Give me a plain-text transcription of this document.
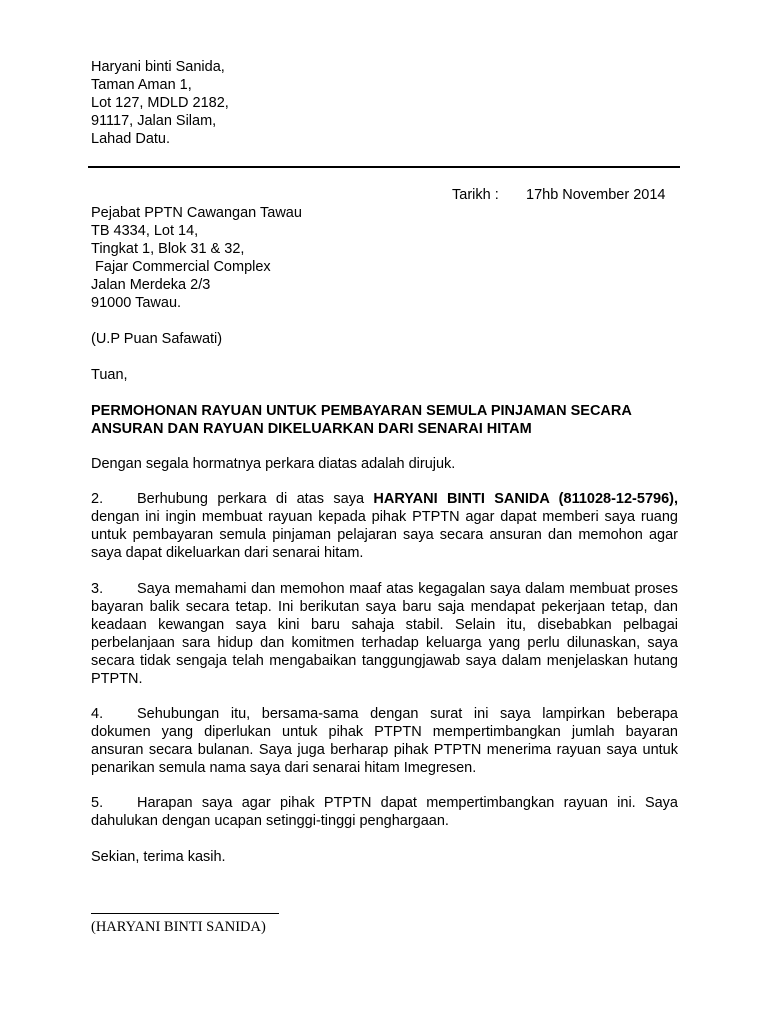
Haryani binti Sanida,
Taman Aman 1,
Lot 127, MDLD 2182,
91117, Jalan Silam,
Lahad Datu.
Tarikh : 17hb November 2014
Pejabat PPTN Cawangan Tawau
TB 4334, Lot 14,
Tingkat 1, Blok 31 & 32,
Fajar Commercial Complex
Jalan Merdeka 2/3
91000 Tawau.
(U.P Puan Safawati)
Tuan,
PERMOHONAN RAYUAN UNTUK PEMBAYARAN SEMULA PINJAMAN SECARA
ANSURAN DAN RAYUAN DIKELUARKAN DARI SENARAI HITAM
Dengan segala hormatnya perkara diatas adalah dirujuk.
2. Berhubung perkara di atas saya HARYANI BINTI SANIDA (811028-12-5796), dengan ini ingin membuat rayuan kepada pihak PTPTN agar dapat memberi saya ruang untuk pembayaran semula pinjaman pelajaran saya secara ansuran dan memohon agar saya dapat dikeluarkan dari senarai hitam.
3. Saya memahami dan memohon maaf atas kegagalan saya dalam membuat proses bayaran balik secara tetap. Ini berikutan saya baru saja mendapat pekerjaan tetap, dan keadaan kewangan saya kini baru sahaja stabil. Selain itu, disebabkan pelbagai perbelanjaan sara hidup dan komitmen terhadap keluarga yang perlu dilunaskan, saya secara tidak sengaja telah mengabaikan tanggungjawab saya dalam menjelaskan hutang PTPTN.
4. Sehubungan itu, bersama-sama dengan surat ini saya lampirkan beberapa dokumen yang diperlukan untuk pihak PTPTN mempertimbangkan jumlah bayaran ansuran secara bulanan. Saya juga berharap pihak PTPTN menerima rayuan saya untuk penarikan semula nama saya dari senarai hitam Imegresen.
5. Harapan saya agar pihak PTPTN dapat mempertimbangkan rayuan ini. Saya dahulukan dengan ucapan setinggi-tinggi penghargaan.
Sekian, terima kasih.
(HARYANI BINTI SANIDA)
